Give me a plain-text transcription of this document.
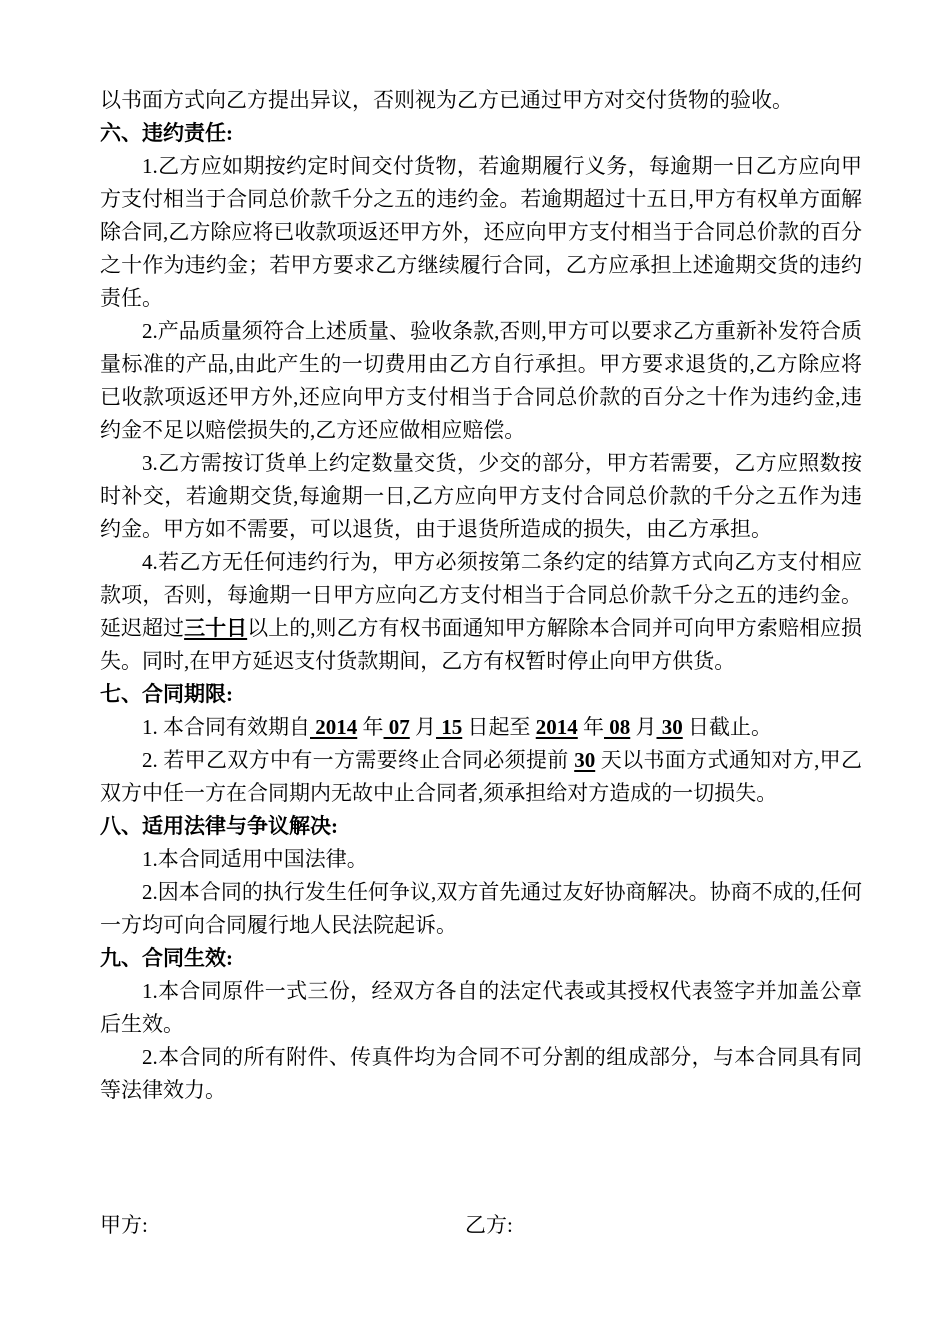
以书面方式向乙方提出异议，否则视为乙方已通过甲方对交付货物的验收。

六、违约责任:

1.乙方应如期按约定时间交付货物，若逾期履行义务，每逾期一日乙方应向甲方支付相当于合同总价款千分之五的违约金。若逾期超过十五日,甲方有权单方面解除合同,乙方除应将已收款项返还甲方外，还应向甲方支付相当于合同总价款的百分之十作为违约金；若甲方要求乙方继续履行合同，乙方应承担上述逾期交货的违约责任。

2.产品质量须符合上述质量、验收条款,否则,甲方可以要求乙方重新补发符合质量标准的产品,由此产生的一切费用由乙方自行承担。甲方要求退货的,乙方除应将已收款项返还甲方外,还应向甲方支付相当于合同总价款的百分之十作为违约金,违约金不足以赔偿损失的,乙方还应做相应赔偿。

3.乙方需按订货单上约定数量交货，少交的部分，甲方若需要，乙方应照数按时补交，若逾期交货,每逾期一日,乙方应向甲方支付合同总价款的千分之五作为违约金。甲方如不需要，可以退货，由于退货所造成的损失，由乙方承担。

4.若乙方无任何违约行为，甲方必须按第二条约定的结算方式向乙方支付相应款项，否则，每逾期一日甲方应向乙方支付相当于合同总价款千分之五的违约金。延迟超过三十日以上的,则乙方有权书面通知甲方解除本合同并可向甲方索赔相应损失。同时,在甲方延迟支付货款期间，乙方有权暂时停止向甲方供货。

七、合同期限:

1. 本合同有效期自 2014 年 07 月 15 日起至 2014 年 08 月 30 日截止。

2. 若甲乙双方中有一方需要终止合同必须提前 30 天以书面方式通知对方,甲乙双方中任一方在合同期内无故中止合同者,须承担给对方造成的一切损失。

八、适用法律与争议解决:

1.本合同适用中国法律。

2.因本合同的执行发生任何争议,双方首先通过友好协商解决。协商不成的,任何一方均可向合同履行地人民法院起诉。

九、合同生效:

1.本合同原件一式三份，经双方各自的法定代表或其授权代表签字并加盖公章后生效。

2.本合同的所有附件、传真件均为合同不可分割的组成部分，与本合同具有同等法律效力。

甲方:	乙方:
